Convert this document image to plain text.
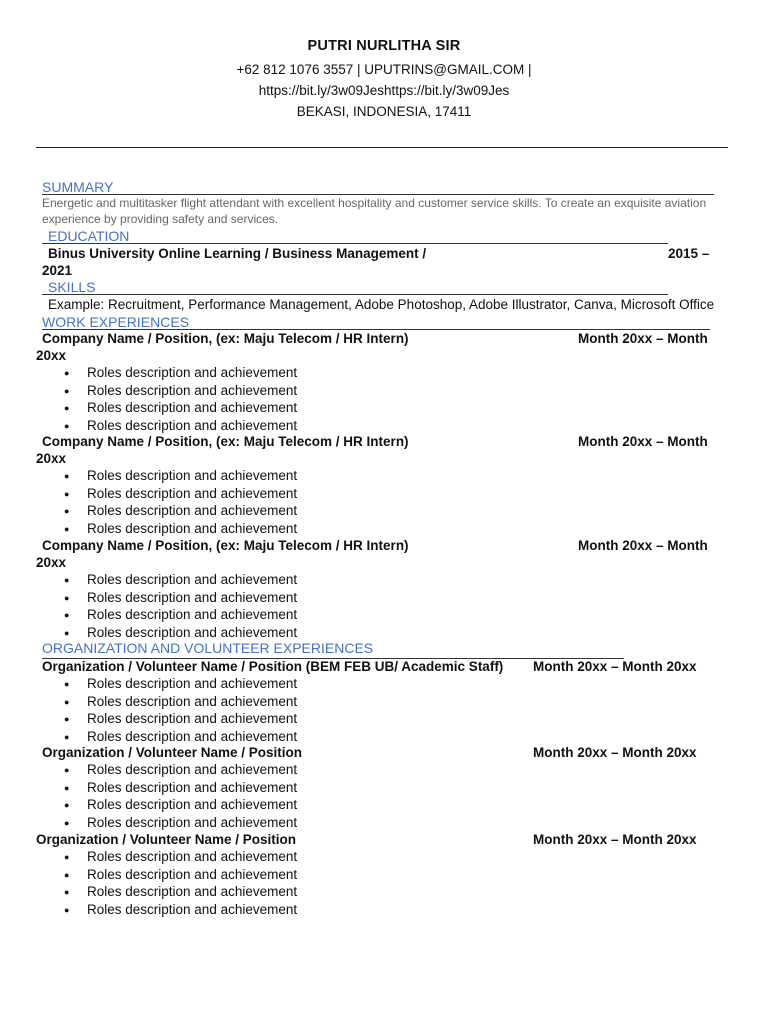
PUTRI NURLITHA SIR
+62 812 1076 3557 | UPUTRINS@GMAIL.COM |
https://bit.ly/3w09Jeshttps://bit.ly/3w09Jes
BEKASI, INDONESIA, 17411
SUMMARY
Energetic and multitasker flight attendant with excellent hospitality and customer service skills. To create an exquisite aviation experience by providing safety and services.
EDUCATION
Binus University Online Learning / Business Management /	2015 –
2021
SKILLS
Example: Recruitment, Performance Management, Adobe Photoshop, Adobe Illustrator, Canva, Microsoft Office
WORK EXPERIENCES
Company Name / Position, (ex: Maju Telecom / HR Intern)	Month 20xx – Month
20xx
● Roles description and achievement
● Roles description and achievement
● Roles description and achievement
● Roles description and achievement
Company Name / Position, (ex: Maju Telecom / HR Intern)	Month 20xx – Month
20xx
● Roles description and achievement
● Roles description and achievement
● Roles description and achievement
● Roles description and achievement
Company Name / Position, (ex: Maju Telecom / HR Intern)	Month 20xx – Month
20xx
● Roles description and achievement
● Roles description and achievement
● Roles description and achievement
● Roles description and achievement
ORGANIZATION AND VOLUNTEER EXPERIENCES
Organization / Volunteer Name / Position (BEM FEB UB/ Academic Staff) Month 20xx – Month 20xx
● Roles description and achievement
● Roles description and achievement
● Roles description and achievement
● Roles description and achievement
Organization / Volunteer Name / Position	Month 20xx – Month 20xx
● Roles description and achievement
● Roles description and achievement
● Roles description and achievement
● Roles description and achievement
Organization / Volunteer Name / Position	Month 20xx – Month 20xx
● Roles description and achievement
● Roles description and achievement
● Roles description and achievement
● Roles description and achievement
